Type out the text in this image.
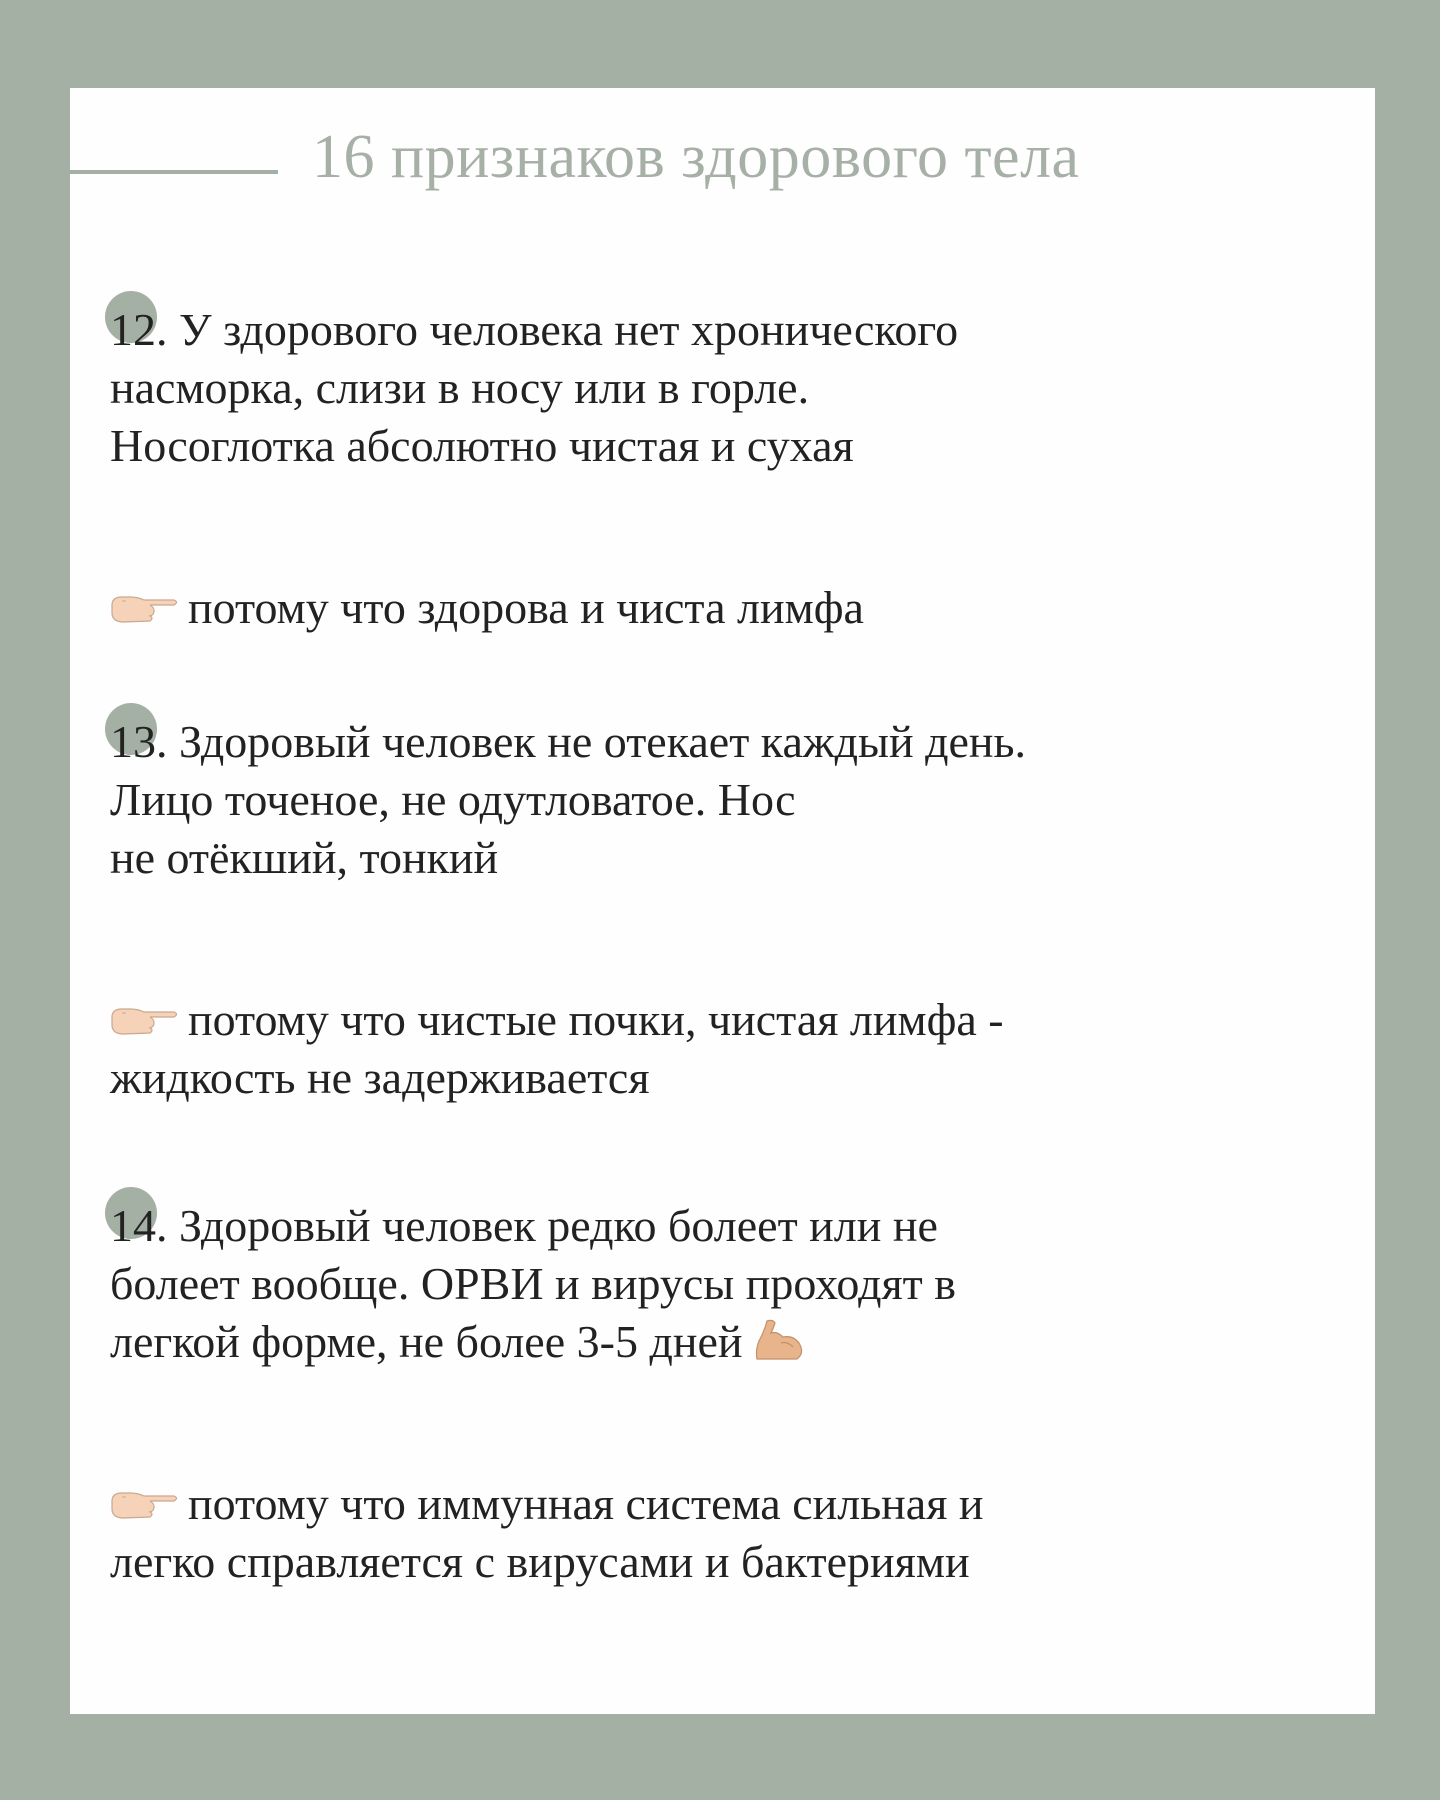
16 признаков здорового тела

12. У здорового человека нет хронического

насморка, слизи в носу или в горле.

Носоглотка абсолютно чистая и сухая

потому что здорова и чиста лимфа

13. Здоровый человек не отекает каждый день.

Лицо точеное, не одутловатое. Нос

не отёкший, тонкий

потому что чистые почки, чистая лимфа -

жидкость не задерживается

14. Здоровый человек редко болеет или не

болеет вообще. ОРВИ и вирусы проходят в

легкой форме, не более 3-5 дней

потому что иммунная система сильная и

легко справляется с вирусами и бактериями
